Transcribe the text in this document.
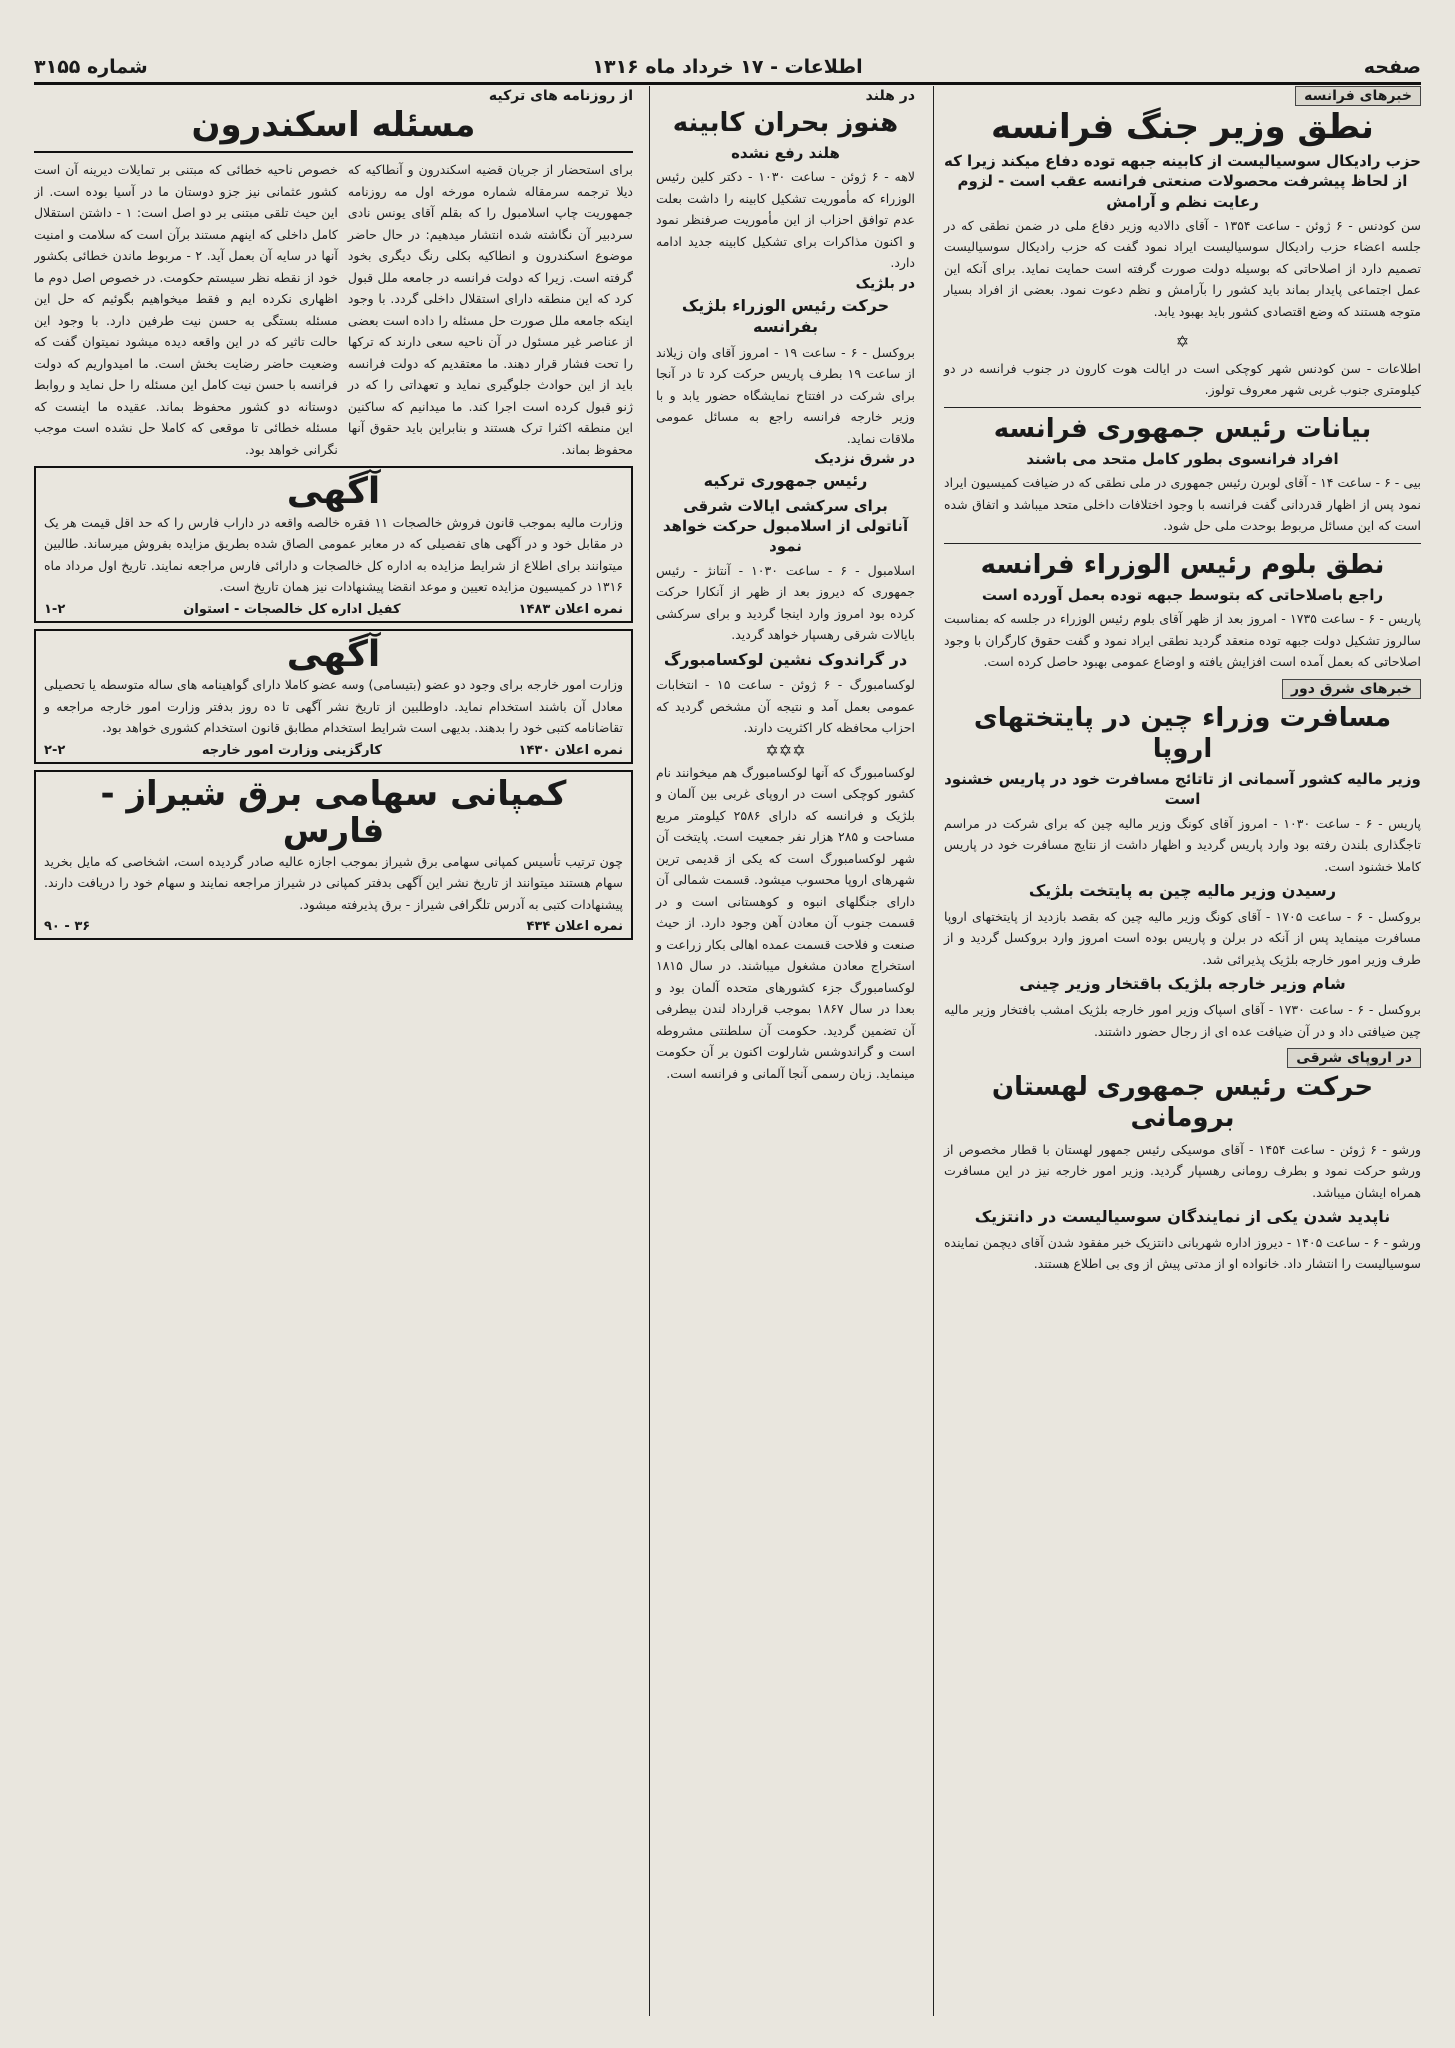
صفحه
اطلاعات - ۱۷ خرداد ماه ۱۳۱۶
شماره ۳۱۵۵
خبرهای فرانسه
نطق وزیر جنگ فرانسه
حزب رادیکال سوسیالیست از کابینه جبهه توده دفاع میکند زیرا که از لحاظ پیشرفت محصولات صنعتی فرانسه عقب است - لزوم رعایت نظم و آرامش

سن کودنس - ۶ ژوئن - ساعت ۱۳۵۴ - آقای دالادیه وزیر دفاع ملی در ضمن نطقی که در جلسه اعضاء حزب رادیکال سوسیالیست ایراد نمود گفت که حزب رادیکال سوسیالیست تصمیم دارد از اصلاحاتی که بوسیله دولت صورت گرفته است حمایت نماید. برای آنکه این عمل اجتماعی پایدار بماند باید کشور را بآرامش و نظم دعوت نمود. بعضی از افراد بسیار متوجه هستند که وضع اقتصادی کشور باید بهبود یابد.

✡

اطلاعات - سن کودنس شهر کوچکی است در ایالت هوت کارون در جنوب فرانسه در دو کیلومتری جنوب غربی شهر معروف تولوز.

بیانات رئیس جمهوری فرانسه
افراد فرانسوی بطور کامل متحد می باشند

بیی - ۶ - ساعت ۱۴ - آقای لوبرن رئیس جمهوری در ملی نطقی که در ضیافت کمیسیون ایراد نمود پس از اظهار قدردانی گفت فرانسه با وجود اختلافات داخلی متحد میباشد و اتفاق شده است که این مسائل مربوط بوحدت ملی حل شود.

نطق بلوم رئیس الوزراء فرانسه
راجع باصلاحاتی که بتوسط جبهه توده بعمل آورده است

پاریس - ۶ - ساعت ۱۷۳۵ - امروز بعد از ظهر آقای بلوم رئیس الوزراء در جلسه که بمناسبت سالروز تشکیل دولت جبهه توده منعقد گردید نطقی ایراد نمود و گفت حقوق کارگران با وجود اصلاحاتی که بعمل آمده است افزایش یافته و اوضاع عمومی بهبود حاصل کرده است.

خبرهای شرق دور
مسافرت وزراء چین در پایتختهای اروپا
وزیر مالیه کشور آسمانی از تاتائج مسافرت خود در پاریس خشنود است

پاریس - ۶ - ساعت ۱۰۳۰ - امروز آقای کونگ وزیر مالیه چین که برای شرکت در مراسم تاجگذاری بلندن رفته بود وارد پاریس گردید و اظهار داشت از نتایج مسافرت خود در پاریس کاملا خشنود است.

رسیدن وزیر مالیه چین به پایتخت بلژیک

بروکسل - ۶ - ساعت ۱۷۰۵ - آقای کونگ وزیر مالیه چین که بقصد بازدید از پایتختهای اروپا مسافرت مینماید پس از آنکه در برلن و پاریس بوده است امروز وارد بروکسل گردید و از طرف وزیر امور خارجه بلژیک پذیرائی شد.

شام وزیر خارجه بلژیک باقتخار وزیر چینی

بروکسل - ۶ - ساعت ۱۷۳۰ - آقای اسپاک وزیر امور خارجه بلژیک امشب بافتخار وزیر مالیه چین ضیافتی داد و در آن ضیافت عده ای از رجال حضور داشتند.

در اروپای شرقی
حرکت رئیس جمهوری لهستان برومانی

ورشو - ۶ ژوئن - ساعت ۱۴۵۴ - آقای موسیکی رئیس جمهور لهستان با قطار مخصوص از ورشو حرکت نمود و بطرف رومانی رهسپار گردید. وزیر امور خارجه نیز در این مسافرت همراه ایشان میباشد.

ناپدید شدن یکی از نمایندگان سوسیالیست در دانتزیک

ورشو - ۶ - ساعت ۱۴۰۵ - دیروز اداره شهربانی دانتزیک خبر مفقود شدن آقای دیچمن نماینده سوسیالیست را انتشار داد. خانواده او از مدتی پیش از وی بی اطلاع هستند.

در هلند
هنوز بحران کابینه
هلند رفع نشده

لاهه - ۶ ژوئن - ساعت ۱۰۳۰ - دکتر کلین رئیس الوزراء که مأموریت تشکیل کابینه را داشت بعلت عدم توافق احزاب از این مأموریت صرفنظر نمود و اکنون مذاکرات برای تشکیل کابینه جدید ادامه دارد.

در بلژیک
حرکت رئیس الوزراء بلژیک بفرانسه

بروکسل - ۶ - ساعت ۱۹ - امروز آقای وان زیلاند از ساعت ۱۹ بطرف پاریس حرکت کرد تا در آنجا برای شرکت در افتتاح نمایشگاه حضور یابد و با وزیر خارجه فرانسه راجع به مسائل عمومی ملاقات نماید.

در شرق نزدیک
رئیس جمهوری ترکیه
برای سرکشی ایالات شرقی آناتولی از اسلامبول حرکت خواهد نمود

اسلامبول - ۶ - ساعت ۱۰۳۰ - آنتانژ - رئیس جمهوری که دیروز بعد از ظهر از آنکارا حرکت کرده بود امروز وارد اینجا گردید و برای سرکشی بایالات شرقی رهسپار خواهد گردید.

در گراندوک نشین لوکسامبورگ

لوکسامبورگ - ۶ ژوئن - ساعت ۱۵ - انتخابات عمومی بعمل آمد و نتیجه آن مشخص گردید که احزاب محافظه کار اکثریت دارند.

✡✡✡

لوکسامبورگ که آنها لوکسامبورگ هم میخوانند نام کشور کوچکی است در اروپای غربی بین آلمان و بلژیک و فرانسه که دارای ۲۵۸۶ کیلومتر مربع مساحت و ۲۸۵ هزار نفر جمعیت است. پایتخت آن شهر لوکسامبورگ است که یکی از قدیمی ترین شهرهای اروپا محسوب میشود. قسمت شمالی آن دارای جنگلهای انبوه و کوهستانی است و در قسمت جنوب آن معادن آهن وجود دارد. از حیث صنعت و فلاحت قسمت عمده اهالی بکار زراعت و استخراج معادن مشغول میباشند. در سال ۱۸۱۵ لوکسامبورگ جزء کشورهای متحده آلمان بود و بعدا در سال ۱۸۶۷ بموجب قرارداد لندن بیطرفی آن تضمین گردید. حکومت آن سلطنتی مشروطه است و گراندوشس شارلوت اکنون بر آن حکومت مینماید. زبان رسمی آنجا آلمانی و فرانسه است.

از روزنامه های ترکیه
مسئله اسکندرون

برای استحضار از جریان قضیه اسکندرون و آنطاکیه که دیلا ترجمه سرمقاله شماره مورخه اول مه روزنامه جمهوریت چاپ اسلامبول را که بقلم آقای یونس نادی سردبیر آن نگاشته شده انتشار میدهیم: در حال حاضر موضوع اسکندرون و انطاکیه بکلی رنگ دیگری بخود گرفته است. زیرا که دولت فرانسه در جامعه ملل قبول کرد که این منطقه دارای استقلال داخلی گردد. با وجود اینکه جامعه ملل صورت حل مسئله را داده است بعضی از عناصر غیر مسئول در آن ناحیه سعی دارند که ترکها را تحت فشار قرار دهند. ما معتقدیم که دولت فرانسه باید از این حوادث جلوگیری نماید و تعهداتی را که در ژنو قبول کرده است اجرا کند. ما میدانیم که ساکنین این منطقه اکثرا ترک هستند و بنابراین باید حقوق آنها محفوظ بماند.

خصوص ناحیه خطائی که مبتنی بر تمایلات دیرینه آن است کشور عثمانی نیز جزو دوستان ما در آسیا بوده است. از این حیث تلقی مبتنی بر دو اصل است: ۱ - داشتن استقلال کامل داخلی که اینهم مستند برآن است که سلامت و امنیت آنها در سایه آن بعمل آید. ۲ - مربوط ماندن خطائی بکشور خود از نقطه نظر سیستم حکومت. در خصوص اصل دوم ما اظهاری نکرده ایم و فقط میخواهیم بگوئیم که حل این مسئله بستگی به حسن نیت طرفین دارد. با وجود این حالت تاثیر که در این واقعه دیده میشود نمیتوان گفت که وضعیت حاضر رضایت بخش است. ما امیدواریم که دولت فرانسه با حسن نیت کامل این مسئله را حل نماید و روابط دوستانه دو کشور محفوظ بماند. عقیده ما اینست که مسئله خطائی تا موقعی که کاملا حل نشده است موجب نگرانی خواهد بود.

آگهی

وزارت مالیه بموجب قانون فروش خالصجات ۱۱ فقره خالصه واقعه در داراب فارس را که حد اقل قیمت هر یک در مقابل خود و در آگهی های تفصیلی که در معابر عمومی الصاق شده بطریق مزایده بفروش میرساند. طالبین میتوانند برای اطلاع از شرایط مزایده به اداره کل خالصجات و دارائی فارس مراجعه نمایند. تاریخ اول مرداد ماه ۱۳۱۶ در کمیسیون مزایده تعیین و موعد انقضا پیشنهادات نیز همان تاریخ است.

نمره اعلان ۱۴۸۳
کفیل اداره کل خالصجات - استوان
۱-۲
آگهی

وزارت امور خارجه برای وجود دو عضو (بتیسامی) وسه عضو کاملا دارای گواهینامه های ساله متوسطه یا تحصیلی معادل آن باشند استخدام نماید. داوطلبین از تاریخ نشر آگهی تا ده روز بدفتر وزارت امور خارجه مراجعه و تقاضانامه کتبی خود را بدهند. بدیهی است شرایط استخدام مطابق قانون استخدام کشوری خواهد بود.

نمره اعلان ۱۴۳۰
کارگزینی وزارت امور خارجه
۲-۲
کمپانی سهامی برق شیراز - فارس

چون ترتیب تأسیس کمپانی سهامی برق شیراز بموجب اجازه عالیه صادر گردیده است، اشخاصی که مایل بخرید سهام هستند میتوانند از تاریخ نشر این آگهی بدفتر کمپانی در شیراز مراجعه نمایند و سهام خود را دریافت دارند. پیشنهادات کتبی به آدرس تلگرافی شیراز - برق پذیرفته میشود.

نمره اعلان ۴۳۴
۳۶ - ۹۰
